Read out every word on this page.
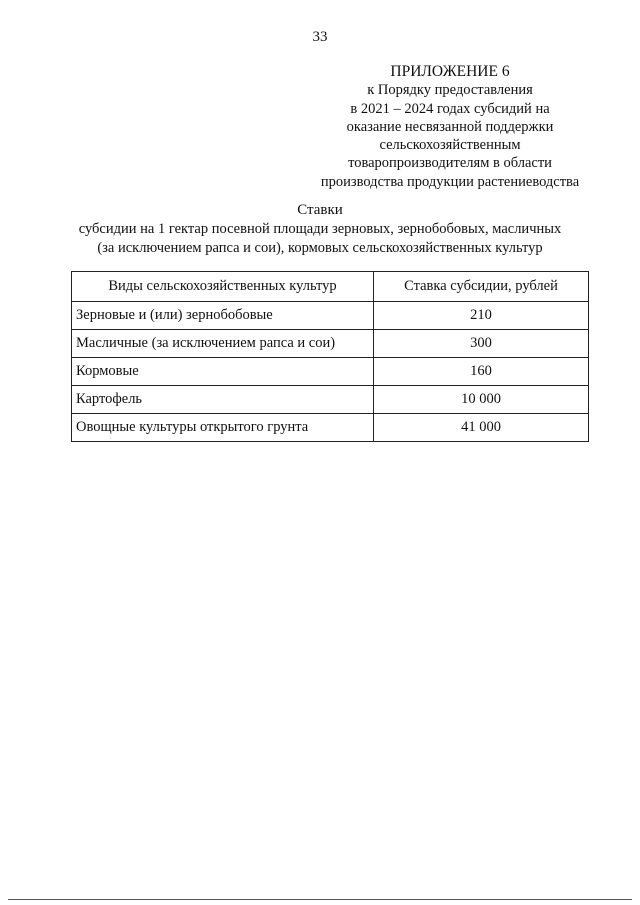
33
ПРИЛОЖЕНИЕ 6
к Порядку предоставления
в 2021 – 2024 годах субсидий на
оказание несвязанной поддержки
сельскохозяйственным
товаропроизводителям в области
производства продукции растениеводства
Ставки
субсидии на 1 гектар посевной площади зерновых, зернобобовых, масличных
(за исключением рапса и сои), кормовых сельскохозяйственных культур
Виды сельскохозяйственных культур	Ставка субсидии, рублей
Зерновые и (или) зернобобовые	210
Масличные (за исключением рапса и сои)	300
Кормовые	160
Картофель	10 000
Овощные культуры открытого грунта	41 000
